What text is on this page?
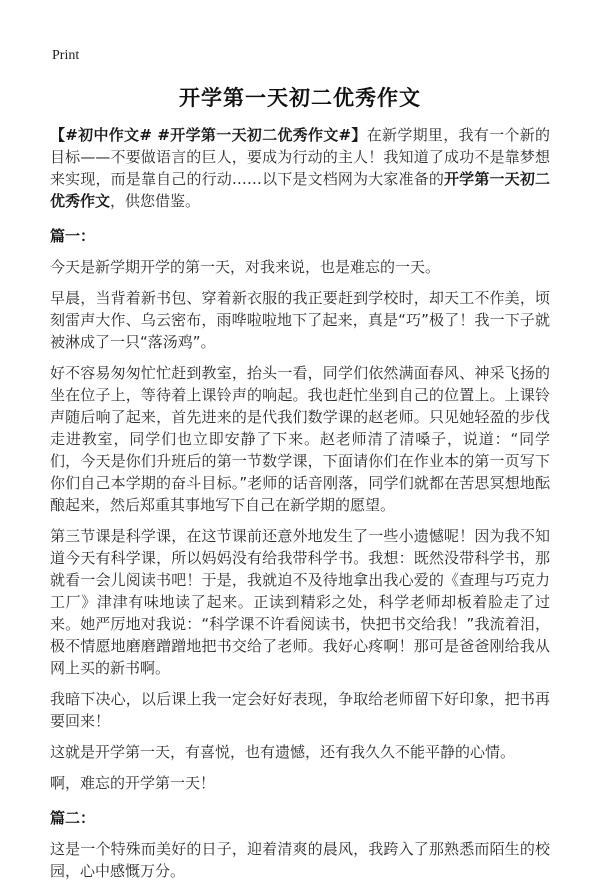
Print
开学第一天初二优秀作文

【#初中作文# #开学第一天初二优秀作文#】在新学期里，我有一个新的目标——不要做语言的巨人，要成为行动的主人！我知道了成功不是靠梦想来实现，而是靠自己的行动……以下是文档网为大家准备的开学第一天初二优秀作文，供您借鉴。

篇一：

今天是新学期开学的第一天，对我来说，也是难忘的一天。

早晨，当背着新书包、穿着新衣服的我正要赶到学校时，却天工不作美，顷刻雷声大作、乌云密布，雨哗啦啦地下了起来，真是“巧”极了！我一下子就被淋成了一只“落汤鸡”。

好不容易匆匆忙忙赶到教室，抬头一看，同学们依然满面春风、神采飞扬的坐在位子上，等待着上课铃声的响起。我也赶忙坐到自己的位置上。上课铃声随后响了起来，首先进来的是代我们数学课的赵老师。只见她轻盈的步伐走进教室，同学们也立即安静了下来。赵老师清了清嗓子，说道：“同学们，今天是你们升班后的第一节数学课，下面请你们在作业本的第一页写下你们自己本学期的奋斗目标。”老师的话音刚落，同学们就都在苦思冥想地酝酿起来，然后郑重其事地写下自己在新学期的愿望。

第三节课是科学课，在这节课前还意外地发生了一些小遗憾呢！因为我不知道今天有科学课，所以妈妈没有给我带科学书。我想：既然没带科学书，那就看一会儿阅读书吧！于是，我就迫不及待地拿出我心爱的《查理与巧克力工厂》津津有味地读了起来。正读到精彩之处，科学老师却板着脸走了过来。她严厉地对我说：“科学课不许看阅读书，快把书交给我！”我流着泪，极不情愿地磨磨蹭蹭地把书交给了老师。我好心疼啊！那可是爸爸刚给我从网上买的新书啊。

我暗下决心，以后课上我一定会好好表现，争取给老师留下好印象，把书再要回来！

这就是开学第一天，有喜悦，也有遗憾，还有我久久不能平静的心情。

啊，难忘的开学第一天！

篇二：

这是一个特殊而美好的日子，迎着清爽的晨风，我跨入了那熟悉而陌生的校园，心中感慨万分。
